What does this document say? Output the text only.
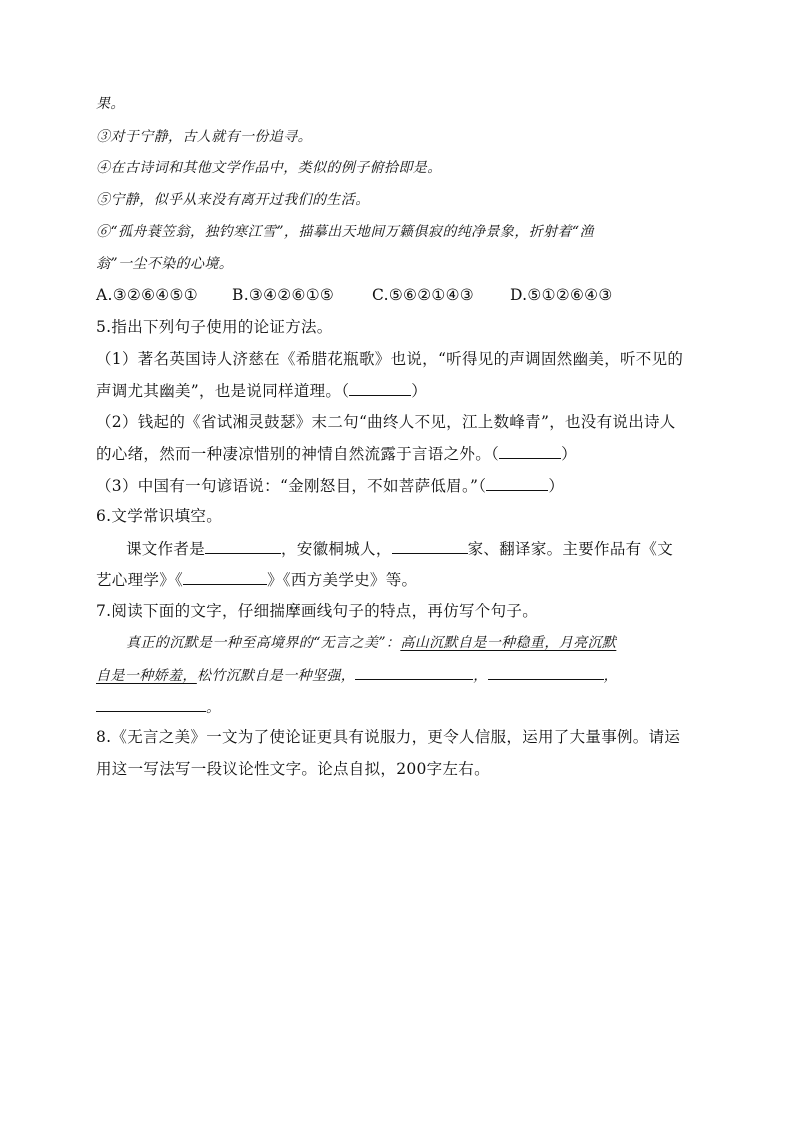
果。
③对于宁静，古人就有一份追寻。
④在古诗词和其他文学作品中，类似的例子俯拾即是。
⑤宁静，似乎从来没有离开过我们的生活。
⑥“孤舟蓑笠翁，独钓寒江雪”，描摹出天地间万籁俱寂的纯净景象，折射着“渔
翁”一尘不染的心境。
A.③②⑥④⑤① B.③④②⑥①⑤ C.⑤⑥②①④③ D.⑤①②⑥④③
5.指出下列句子使用的论证方法。
（1）著名英国诗人济慈在《希腊花瓶歌》也说，“听得见的声调固然幽美，听不见的
声调尤其幽美”，也是说同样道理。（	）
（2）钱起的《省试湘灵鼓瑟》末二句“曲终人不见，江上数峰青”，也没有说出诗人
的心绪，然而一种凄凉惜别的神情自然流露于言语之外。（	）
（3）中国有一句谚语说：“金刚怒目，不如菩萨低眉。”（	）
6.文学常识填空。
课文作者是	，安徽桐城人，	家、翻译家。主要作品有《文
艺心理学》《	》《西方美学史》等。
7.阅读下面的文字，仔细揣摩画线句子的特点，再仿写个句子。
真正的沉默是一种至高境界的“无言之美”：高山沉默自是一种稳重，月亮沉默
自是一种娇羞，松竹沉默自是一种坚强，	，	，
。
8.《无言之美》一文为了使论证更具有说服力，更令人信服，运用了大量事例。请运
用这一写法写一段议论性文字。论点自拟，200字左右。
